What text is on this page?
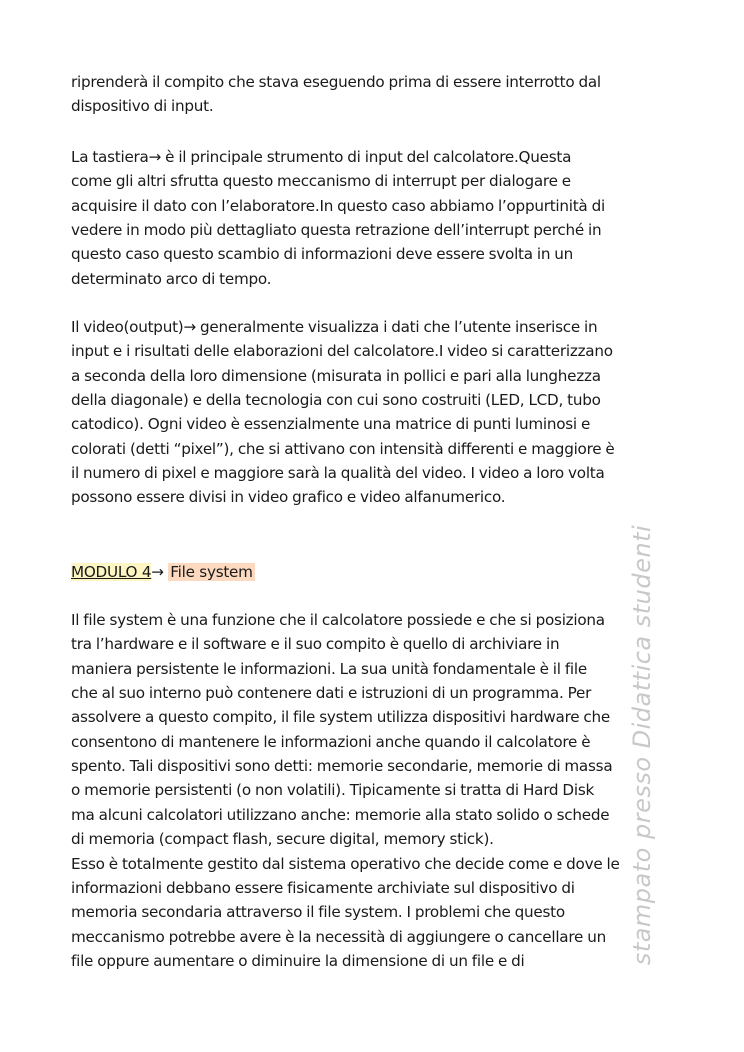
riprenderà il compito che stava eseguendo prima di essere interrotto dal
dispositivo di input.
La tastiera→ è il principale strumento di input del calcolatore.Questa
come gli altri sfrutta questo meccanismo di interrupt per dialogare e
acquisire il dato con l’elaboratore.In questo caso abbiamo l’oppurtinità di
vedere in modo più dettagliato questa retrazione dell’interrupt perché in
questo caso questo scambio di informazioni deve essere svolta in un
determinato arco di tempo.
Il video(output)→ generalmente visualizza i dati che l’utente inserisce in
input e i risultati delle elaborazioni del calcolatore.I video si caratterizzano
a seconda della loro dimensione (misurata in pollici e pari alla lunghezza
della diagonale) e della tecnologia con cui sono costruiti (LED, LCD, tubo
catodico). Ogni video è essenzialmente una matrice di punti luminosi e
colorati (detti “pixel”), che si attivano con intensità differenti e maggiore è
il numero di pixel e maggiore sarà la qualità del video. I video a loro volta
possono essere divisi in video grafico e video alfanumerico.
Il file system è una funzione che il calcolatore possiede e che si posiziona
tra l’hardware e il software e il suo compito è quello di archiviare in
maniera persistente le informazioni. La sua unità fondamentale è il file
che al suo interno può contenere dati e istruzioni di un programma. Per
assolvere a questo compito, il file system utilizza dispositivi hardware che
consentono di mantenere le informazioni anche quando il calcolatore è
spento. Tali dispositivi sono detti: memorie secondarie, memorie di massa
o memorie persistenti (o non volatili). Tipicamente si tratta di Hard Disk
ma alcuni calcolatori utilizzano anche: memorie alla stato solido o schede
di memoria (compact flash, secure digital, memory stick).
Esso è totalmente gestito dal sistema operativo che decide come e dove le
informazioni debbano essere fisicamente archiviate sul dispositivo di
memoria secondaria attraverso il file system. I problemi che questo
meccanismo potrebbe avere è la necessità di aggiungere o cancellare un
file oppure aumentare o diminuire la dimensione di un file e di
MODULO 4→ File system	stampato presso Didattica studenti
